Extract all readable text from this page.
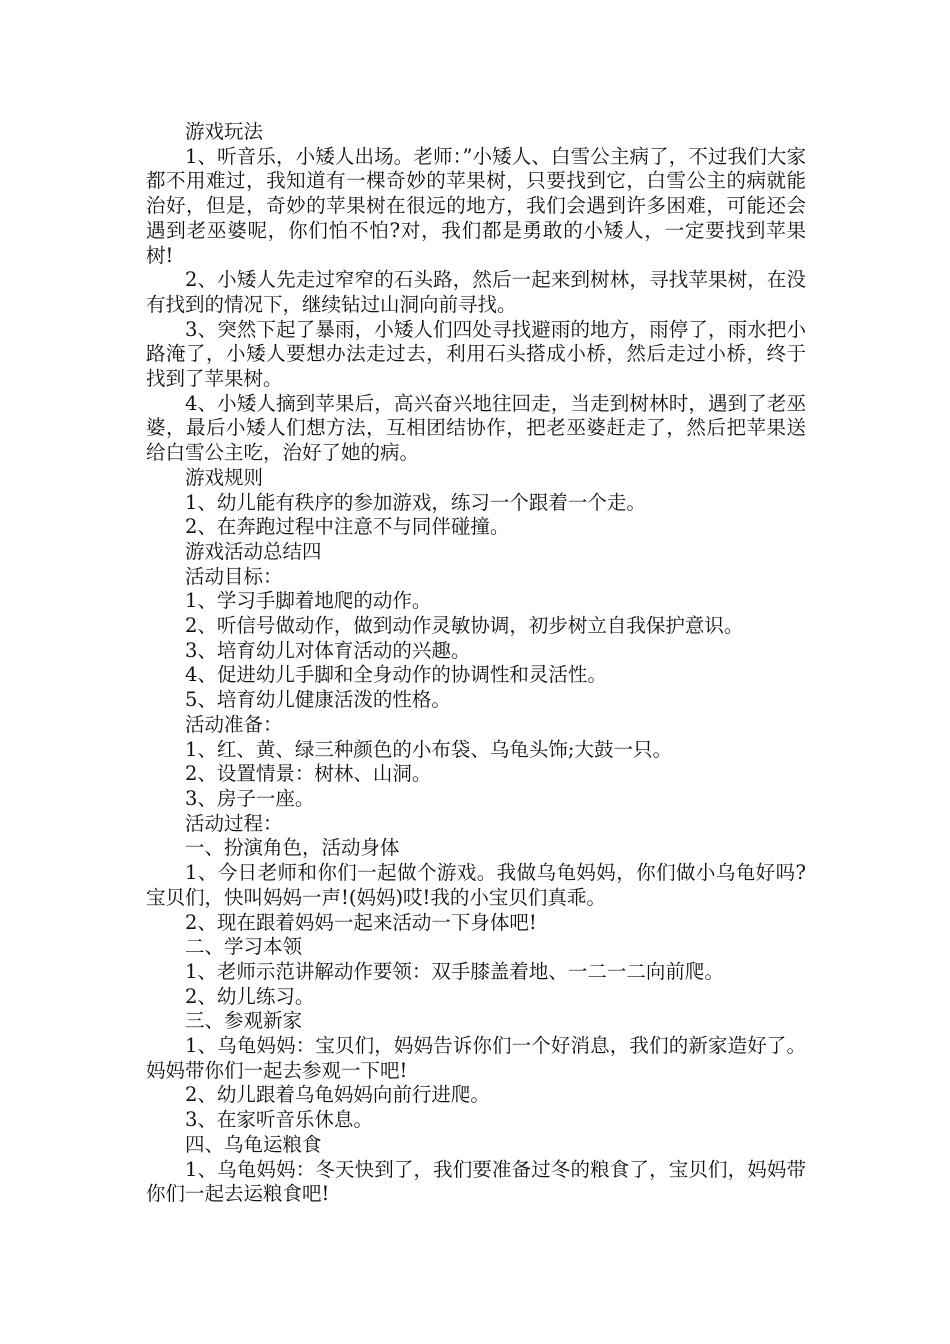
游戏玩法

1、听音乐，小矮人出场。老师：”小矮人、白雪公主病了，不过我们大家都不用难过，我知道有一棵奇妙的苹果树，只要找到它，白雪公主的病就能治好，但是，奇妙的苹果树在很远的地方，我们会遇到许多困难，可能还会遇到老巫婆呢，你们怕不怕?对，我们都是勇敢的小矮人，一定要找到苹果树!

2、小矮人先走过窄窄的石头路，然后一起来到树林，寻找苹果树，在没有找到的情况下，继续钻过山洞向前寻找。

3、突然下起了暴雨，小矮人们四处寻找避雨的地方，雨停了，雨水把小路淹了，小矮人要想办法走过去，利用石头搭成小桥，然后走过小桥，终于找到了苹果树。

4、小矮人摘到苹果后，高兴奋兴地往回走，当走到树林时，遇到了老巫婆，最后小矮人们想方法，互相团结协作，把老巫婆赶走了，然后把苹果送给白雪公主吃，治好了她的病。

游戏规则

1、幼儿能有秩序的参加游戏，练习一个跟着一个走。

2、在奔跑过程中注意不与同伴碰撞。

游戏活动总结四

活动目标：

1、学习手脚着地爬的动作。

2、听信号做动作，做到动作灵敏协调，初步树立自我保护意识。

3、培育幼儿对体育活动的兴趣。

4、促进幼儿手脚和全身动作的协调性和灵活性。

5、培育幼儿健康活泼的性格。

活动准备：

1、红、黄、绿三种颜色的小布袋、乌龟头饰;大鼓一只。

2、设置情景：树林、山洞。

3、房子一座。

活动过程：

一、扮演角色，活动身体

1、今日老师和你们一起做个游戏。我做乌龟妈妈，你们做小乌龟好吗?宝贝们，快叫妈妈一声!(妈妈)哎!我的小宝贝们真乖。

2、现在跟着妈妈一起来活动一下身体吧!

二、学习本领

1、老师示范讲解动作要领：双手膝盖着地、一二一二向前爬。

2、幼儿练习。

三、参观新家

1、乌龟妈妈：宝贝们，妈妈告诉你们一个好消息，我们的新家造好了。妈妈带你们一起去参观一下吧!

2、幼儿跟着乌龟妈妈向前行进爬。

3、在家听音乐休息。

四、乌龟运粮食

1、乌龟妈妈：冬天快到了，我们要准备过冬的粮食了，宝贝们，妈妈带你们一起去运粮食吧!
